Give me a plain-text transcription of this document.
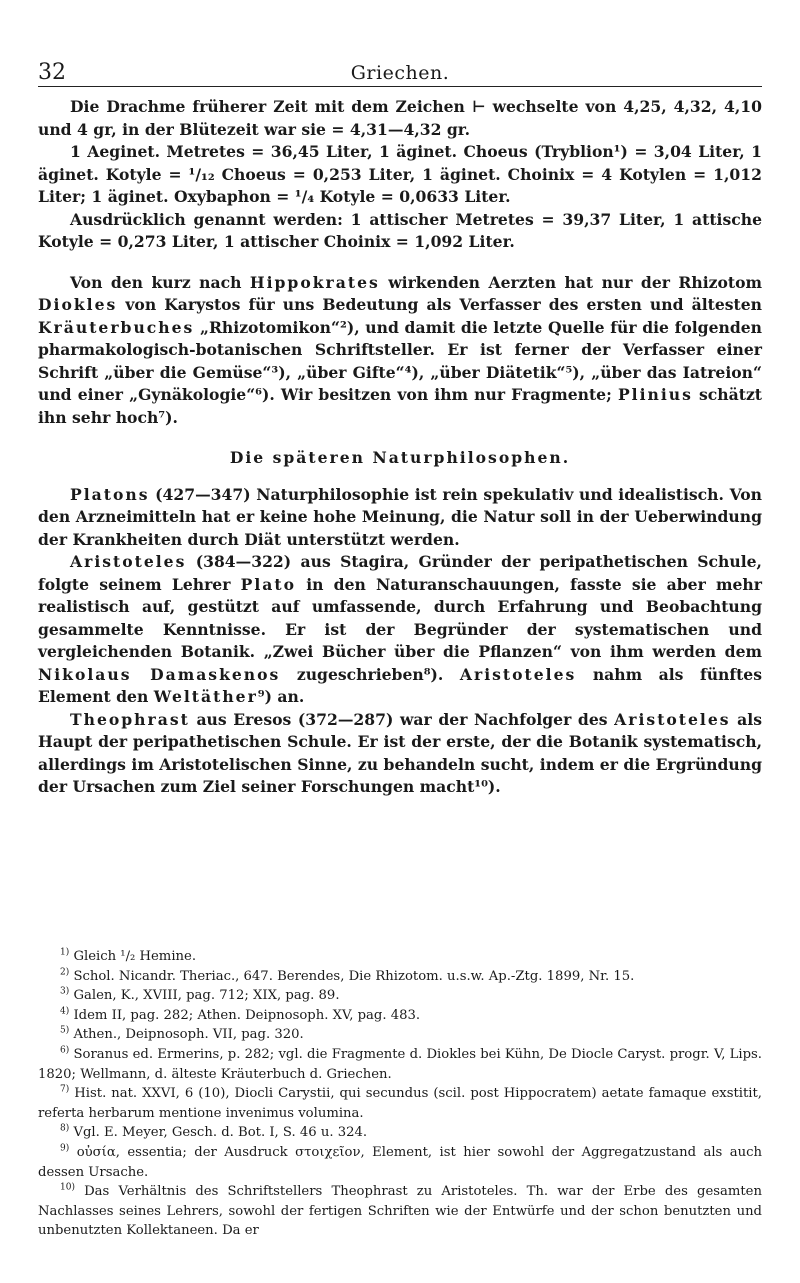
32	Griechen.

Die Drachme früherer Zeit mit dem Zeichen ⊢ wechselte von 4,25, 4,32, 4,10 und 4 gr, in der Blütezeit war sie = 4,31—4,32 gr.

1 Aeginet. Metretes = 36,45 Liter, 1 äginet. Choeus (Tryblion¹) = 3,04 Liter, 1 äginet. Kotyle = ¹/₁₂ Choeus = 0,253 Liter, 1 äginet. Choinix = 4 Kotylen = 1,012 Liter; 1 äginet. Oxybaphon = ¹/₄ Kotyle = 0,0633 Liter.

Ausdrücklich genannt werden: 1 attischer Metretes = 39,37 Liter, 1 attische Kotyle = 0,273 Liter, 1 attischer Choinix = 1,092 Liter.

Von den kurz nach Hippokrates wirkenden Aerzten hat nur der Rhizotom Diokles von Karystos für uns Bedeutung als Verfasser des ersten und ältesten Kräuterbuches „Rhizotomikon“²), und damit die letzte Quelle für die folgenden pharmakologisch-botanischen Schriftsteller. Er ist ferner der Verfasser einer Schrift „über die Gemüse“³), „über Gifte“⁴), „über Diätetik“⁵), „über das Iatreion“ und einer „Gynäkologie“⁶). Wir besitzen von ihm nur Fragmente; Plinius schätzt ihn sehr hoch⁷).

Die späteren Naturphilosophen.

Platons (427—347) Naturphilosophie ist rein spekulativ und idealistisch. Von den Arzneimitteln hat er keine hohe Meinung, die Natur soll in der Ueberwindung der Krankheiten durch Diät unterstützt werden.

Aristoteles (384—322) aus Stagira, Gründer der peripathetischen Schule, folgte seinem Lehrer Plato in den Naturanschauungen, fasste sie aber mehr realistisch auf, gestützt auf umfassende, durch Erfahrung und Beobachtung gesammelte Kenntnisse. Er ist der Begründer der systematischen und vergleichenden Botanik. „Zwei Bücher über die Pflanzen“ von ihm werden dem Nikolaus Damaskenos zugeschrieben⁸). Aristoteles nahm als fünftes Element den Weltäther⁹) an.

Theophrast aus Eresos (372—287) war der Nachfolger des Aristoteles als Haupt der peripathetischen Schule. Er ist der erste, der die Botanik systematisch, allerdings im Aristotelischen Sinne, zu behandeln sucht, indem er die Ergründung der Ursachen zum Ziel seiner Forschungen macht¹⁰).

$^{1)}$ Gleich ¹/₂ Hemine.

$^{2)}$ Schol. Nicandr. Theriac., 647. Berendes, Die Rhizotom. u.s.w. Ap.-Ztg. 1899, Nr. 15.

$^{3)}$ Galen, K., XVIII, pag. 712; XIX, pag. 89.

$^{4)}$ Idem II, pag. 282; Athen. Deipnosoph. XV, pag. 483.

$^{5)}$ Athen., Deipnosoph. VII, pag. 320.

$^{6)}$ Soranus ed. Ermerins, p. 282; vgl. die Fragmente d. Diokles bei Kühn, De Diocle Caryst. progr. V, Lips. 1820; Wellmann, d. älteste Kräuterbuch d. Griechen.

$^{7)}$ Hist. nat. XXVI, 6 (10), Diocli Carystii, qui secundus (scil. post Hippocratem) aetate famaque exstitit, referta herbarum mentione invenimus volumina.

$^{8)}$ Vgl. E. Meyer, Gesch. d. Bot. I, S. 46 u. 324.

$^{9)}$ οὐσία, essentia; der Ausdruck στοιχεῖον, Element, ist hier sowohl der Aggregatzustand als auch dessen Ursache.

$^{10)}$ Das Verhältnis des Schriftstellers Theophrast zu Aristoteles. Th. war der Erbe des gesamten Nachlasses seines Lehrers, sowohl der fertigen Schriften wie der Entwürfe und der schon benutzten und unbenutzten Kollektaneen. Da er
